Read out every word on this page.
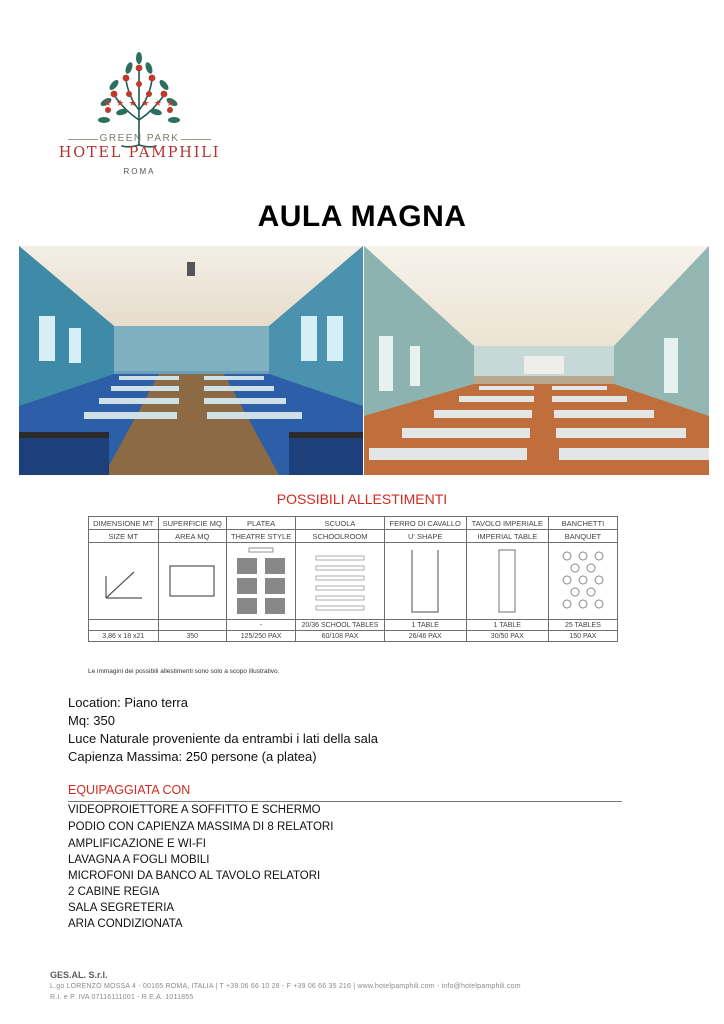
★ ★ ★ ★ ★ ★
GREEN PARK
HOTEL PAMPHILI
ROMA
AULA MAGNA
POSSIBILI ALLESTIMENTI
DIMENSIONE MT	SUPERFICIE MQ	PLATEA	SCUOLA	FERRO DI CAVALLO	TAVOLO IMPERIALE	BANCHETTI
SIZE MT	AREA MQ	THEATRE STYLE	SCHOOLROOM	U' SHAPE	IMPERIAL TABLE	BANQUET

		-	20/36 SCHOOL TABLES	1 TABLE	1 TABLE	25 TABLES
3,86 x 18 x21	350	125/250 PAX	60/108 PAX	26/46 PAX	30/50 PAX	150 PAX
Le immagini dei possibili allestimenti sono solo a scopo illustrativo.
Location: Piano terra
Mq: 350
Luce Naturale proveniente da entrambi i lati della sala
Capienza Massima: 250 persone (a platea)
EQUIPAGGIATA CON
VIDEOPROIETTORE A SOFFITTO E SCHERMO
PODIO CON CAPIENZA MASSIMA DI 8 RELATORI
AMPLIFICAZIONE E WI-FI
LAVAGNA A FOGLI MOBILI
MICROFONI DA BANCO AL TAVOLO RELATORI
2 CABINE REGIA
SALA SEGRETERIA
ARIA CONDIZIONATA
GES.AL. S.r.l.
L.go LORENZO MOSSA 4 - 00165 ROMA, ITALIA | T +39 06 66 10 28 - F +39 06 66 35 216 | www.hotelpamphili.com - info@hotelpamphili.com
R.I. e P. IVA 07116111001 - R.E.A. 1011855
